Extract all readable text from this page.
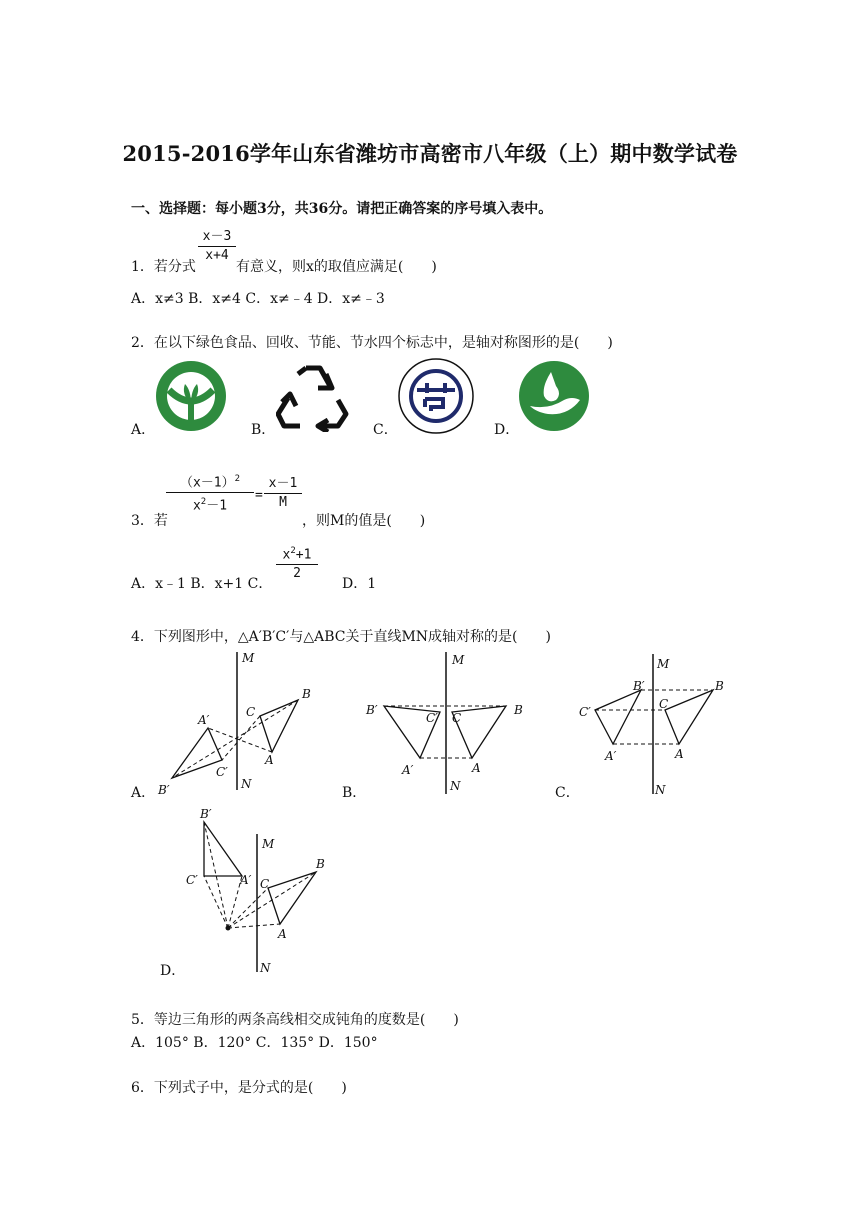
2015-2016学年山东省潍坊市高密市八年级（上）期中数学试卷
一、选择题：每小题3分，共36分。请把正确答案的序号填入表中。
1．若分式
$\frac{x-3}{x+4}$
有意义，则x的取值应满足(　　)
A．x≠3 B．x≠4 C．x≠﹣4 D．x≠﹣3
2．在以下绿色食品、回收、节能、节水四个标志中，是轴对称图形的是(　　)
A．	B．	C．	D．
3．若
$\frac{(x-1)^2}{x^2-1} = \frac{x-1}{M}$
，则M的值是(　　)
A．x﹣1 B．x+1 C．
$\frac{x^2+1}{2}$
D．1
4．下列图形中，△A′B′C′与△ABC关于直线MN成轴对称的是(　　)
A．
M
N
B
C
A
A′
C′
B′	B．
M
N
B
C
A
B′
C′
A′
C．
M
N
B
C
A
B′
C′
A′
D．
M
N
B
C
A
B′
C′	A′
5．等边三角形的两条高线相交成钝角的度数是(　　)
A．105° B．120° C．135° D．150°
6．下列式子中，是分式的是(　　)
